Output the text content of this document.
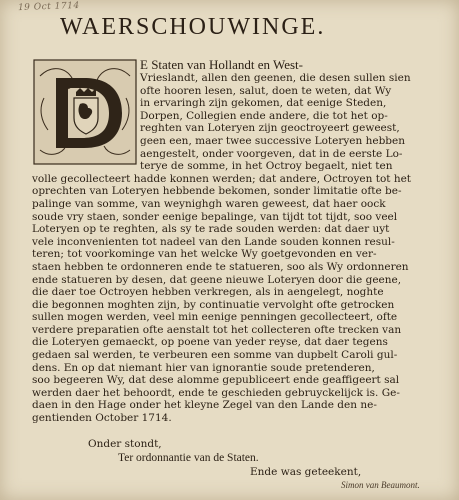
19 Oct 1714
WAERSCHOUWINGE.
E Staten van Hollandt en West-
Vrieslandt, allen den geenen, die desen sullen sien
ofte hooren lesen, salut, doen te weten, dat Wy
in ervaringh zijn gekomen, dat eenige Steden,
Dorpen, Collegien ende andere, die tot het op-
reghten van Loteryen zijn geoctroyeert geweest,
geen een, maer twee successive Loteryen hebben
aengestelt, onder voorgeven, dat in de eerste Lo-
terye de somme, in het Octroy begaelt, niet ten
volle gecollecteert hadde konnen werden; dat andere, Octroyen tot het
oprechten van Loteryen hebbende bekomen, sonder limitatie ofte be-
palinge van somme, van weynighgh waren geweest, dat haer oock
soude vry staen, sonder eenige bepalinge, van tijdt tot tijdt, soo veel
Loteryen op te reghten, als sy te rade souden werden: dat daer uyt
vele inconvenienten tot nadeel van den Lande souden konnen resul-
teren; tot voorkominge van het welcke Wy goetgevonden en ver-
staen hebben te ordonneren ende te statueren, soo als Wy ordonneren
ende statueren by desen, dat geene nieuwe Loteryen door die geene,
die daer toe Octroyen hebben verkregen, als in aengelegt, noghte
die begonnen moghten zijn, by continuatie vervolght ofte getrocken
sullen mogen werden, veel min eenige penningen gecollecteert, ofte
verdere preparatien ofte aenstalt tot het collecteren ofte trecken van
die Loteryen gemaeckt, op poene van yeder reyse, dat daer tegens
gedaen sal werden, te verbeuren een somme van dupbelt Caroli gul-
dens. En op dat niemant hier van ignorantie soude pretenderen,
soo begeeren Wy, dat dese alomme gepubliceert ende geaffigeert sal
werden daer het behoordt, ende te geschieden gebruyckelijck is. Ge-
daen in den Hage onder het kleyne Zegel van den Lande den ne-
gentienden October 1714.
Onder stondt,
Ter ordonnantie van de Staten.
Ende was geteekent,
Simon van Beaumont.
